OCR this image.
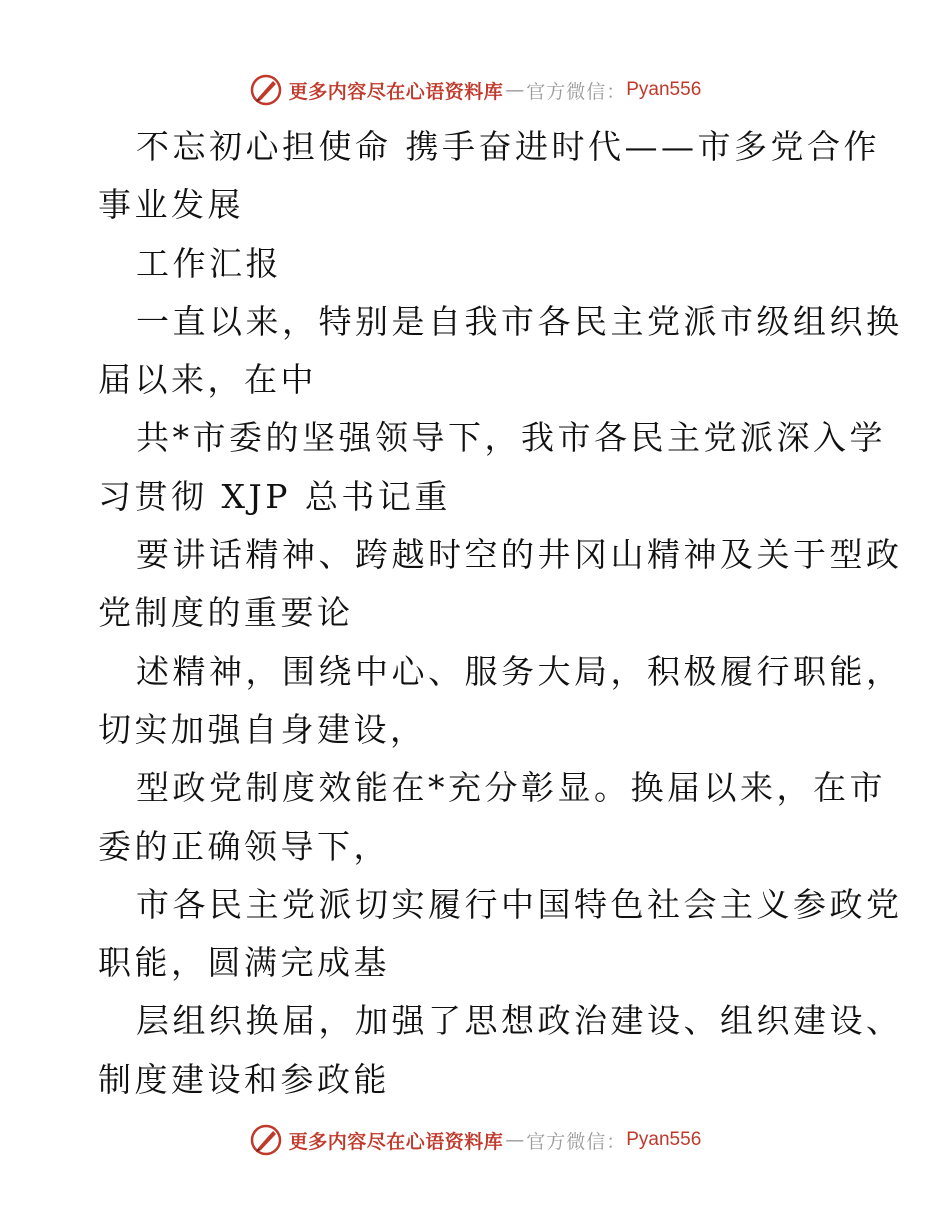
更多内容尽在心语资料库 — 官方微信： Pyan556
不忘初心担使命 携手奋进时代——市多党合作
事业发展
工作汇报
一直以来，特别是自我市各民主党派市级组织换
届以来，在中
共*市委的坚强领导下，我市各民主党派深入学
习贯彻 XJP 总书记重
要讲话精神、跨越时空的井冈山精神及关于型政
党制度的重要论
述精神，围绕中心、服务大局，积极履行职能，
切实加强自身建设，
型政党制度效能在*充分彰显。换届以来，在市
委的正确领导下，
市各民主党派切实履行中国特色社会主义参政党
职能，圆满完成基
层组织换届，加强了思想政治建设、组织建设、
制度建设和参政能
更多内容尽在心语资料库 — 官方微信： Pyan556
